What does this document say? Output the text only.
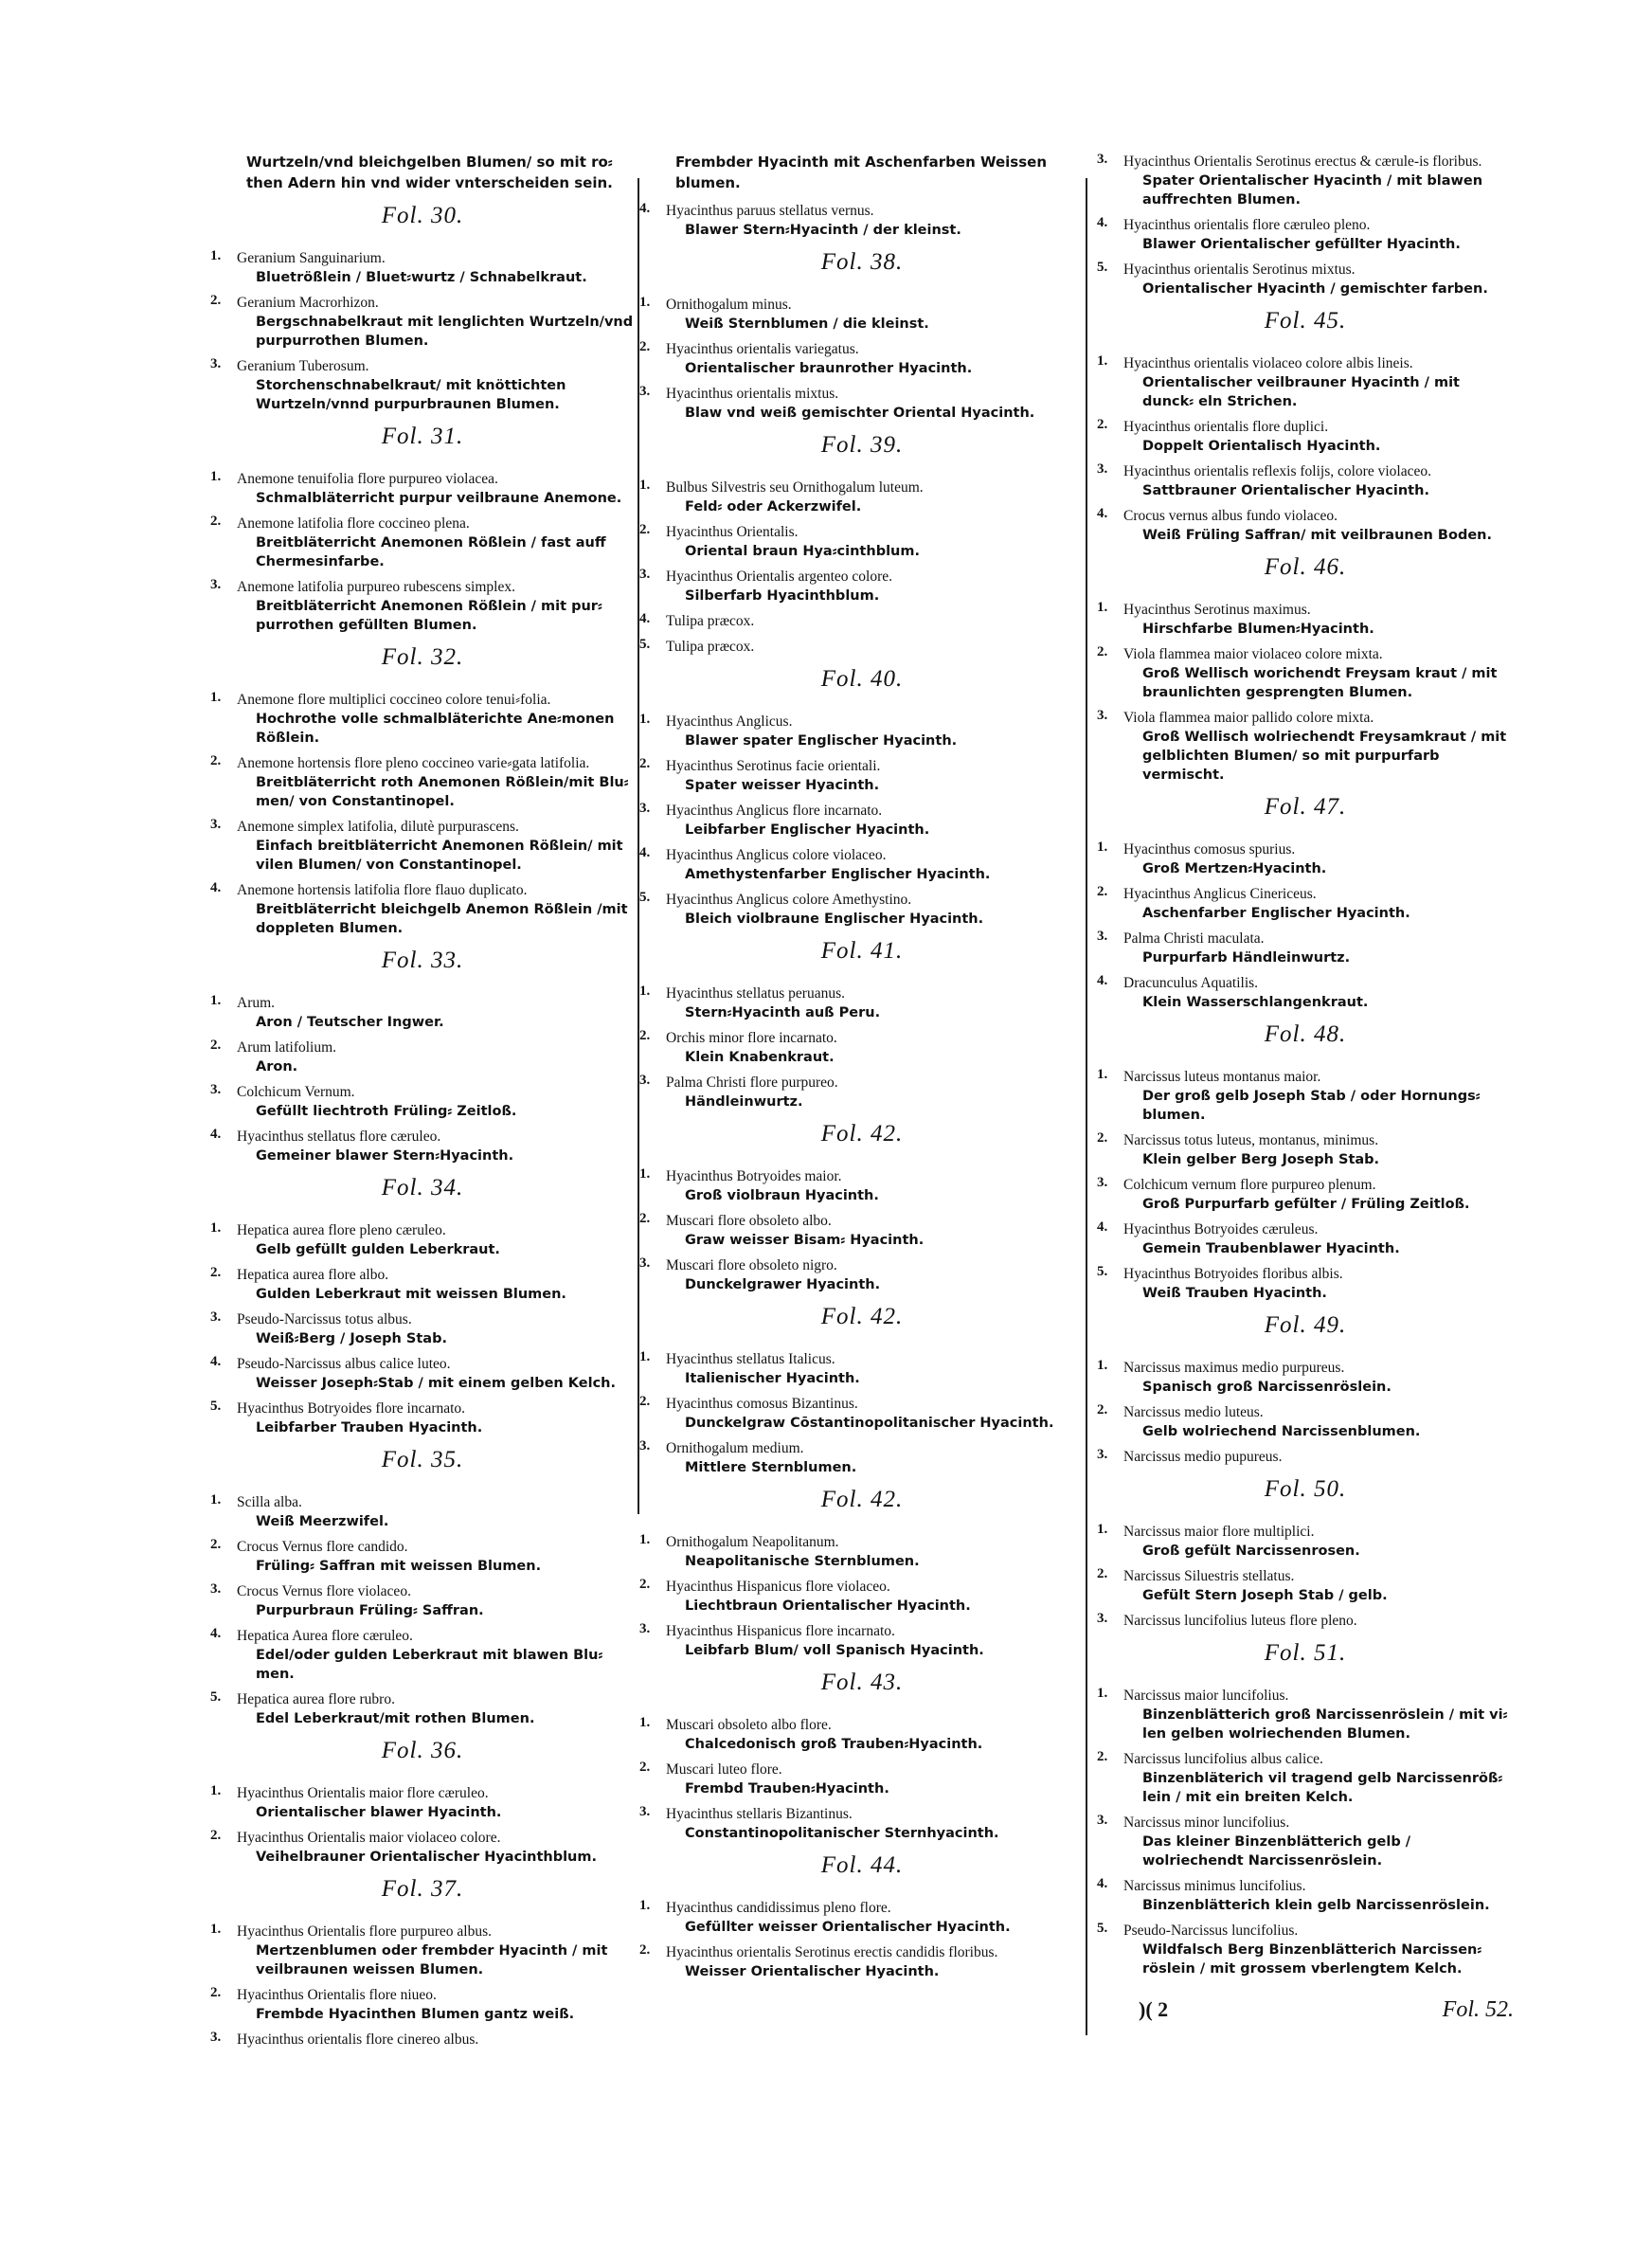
Wurtzeln/vnd bleichgelben Blumen/ so mit ro⸗then Adern hin vnd wider vnterscheiden sein.
Fol. 30.
1.	Geranium Sanguinarium.
Bluetrößlein / Bluet⸗wurtz / Schnabelkraut.
2.	Geranium Macrorhizon.
Bergschnabelkraut mit lenglichten Wurtzeln/vnd purpurrothen Blumen.
3.	Geranium Tuberosum.
Storchenschnabelkraut/ mit knöttichten Wurtzeln/vnnd purpurbraunen Blumen.
Fol. 31.
1.	Anemone tenuifolia flore purpureo violacea.
Schmalbläterricht purpur veilbraune Anemone.
2.	Anemone latifolia flore coccineo plena.
Breitbläterricht Anemonen Rößlein / fast auff Chermesinfarbe.
3.	Anemone latifolia purpureo rubescens simplex.
Breitbläterricht Anemonen Rößlein / mit pur⸗purrothen gefüllten Blumen.
Fol. 32.
1.	Anemone flore multiplici coccineo colore tenui⸗folia.
Hochrothe volle schmalbläterichte Ane⸗monen Rößlein.
2.	Anemone hortensis flore pleno coccineo varie⸗gata latifolia.
Breitbläterricht roth Anemonen Rößlein/mit Blu⸗men/ von Constantinopel.
3.	Anemone simplex latifolia, dilutè purpurascens.
Einfach breitbläterricht Anemonen Rößlein/ mit vilen Blumen/ von Constantinopel.
4.	Anemone hortensis latifolia flore flauo duplicato.
Breitbläterricht bleichgelb Anemon Rößlein /mit doppleten Blumen.
Fol. 33.
1.	Arum.
Aron / Teutscher Ingwer.
2.	Arum latifolium.
Aron.
3.	Colchicum Vernum.
Gefüllt liechtroth Früling⸗ Zeitloß.
4.	Hyacinthus stellatus flore cæruleo.
Gemeiner blawer Stern⸗Hyacinth.
Fol. 34.
1.	Hepatica aurea flore pleno cæruleo.
Gelb gefüllt gulden Leberkraut.
2.	Hepatica aurea flore albo.
Gulden Leberkraut mit weissen Blumen.
3.	Pseudo-Narcissus totus albus.
Weiß⸗Berg / Joseph Stab.
4.	Pseudo-Narcissus albus calice luteo.
Weisser Joseph⸗Stab / mit einem gelben Kelch.
5.	Hyacinthus Botryoides flore incarnato.
Leibfarber Trauben Hyacinth.
Fol. 35.
1.	Scilla alba.
Weiß Meerzwifel.
2.	Crocus Vernus flore candido.
Früling⸗ Saffran mit weissen Blumen.
3.	Crocus Vernus flore violaceo.
Purpurbraun Früling⸗ Saffran.
4.	Hepatica Aurea flore cæruleo.
Edel/oder gulden Leberkraut mit blawen Blu⸗men.
5.	Hepatica aurea flore rubro.
Edel Leberkraut/mit rothen Blumen.
Fol. 36.
1.	Hyacinthus Orientalis maior flore cæruleo.
Orientalischer blawer Hyacinth.
2.	Hyacinthus Orientalis maior violaceo colore.
Veihelbrauner Orientalischer Hyacinthblum.
Fol. 37.
1.	Hyacinthus Orientalis flore purpureo albus.
Mertzenblumen oder frembder Hyacinth / mit veilbraunen weissen Blumen.
2.	Hyacinthus Orientalis flore niueo.
Frembde Hyacinthen Blumen gantz weiß.
3.	Hyacinthus orientalis flore cinereo albus.
Frembder Hyacinth mit Aschenfarben Weissen blumen.
4.	Hyacinthus paruus stellatus vernus.
Blawer Stern⸗Hyacinth / der kleinst.
Fol. 38.
1.	Ornithogalum minus.
Weiß Sternblumen / die kleinst.
2.	Hyacinthus orientalis variegatus.
Orientalischer braunrother Hyacinth.
3.	Hyacinthus orientalis mixtus.
Blaw vnd weiß gemischter Oriental Hyacinth.
Fol. 39.
1.	Bulbus Silvestris seu Ornithogalum luteum.
Feld⸗ oder Ackerzwifel.
2.	Hyacinthus Orientalis.
Oriental braun Hya⸗cinthblum.
3.	Hyacinthus Orientalis argenteo colore.
Silberfarb Hyacinthblum.
4.	Tulipa præcox.
5.	Tulipa præcox.
Fol. 40.
1.	Hyacinthus Anglicus.
Blawer spater Englischer Hyacinth.
2.	Hyacinthus Serotinus facie orientali.
Spater weisser Hyacinth.
3.	Hyacinthus Anglicus flore incarnato.
Leibfarber Englischer Hyacinth.
4.	Hyacinthus Anglicus colore violaceo.
Amethystenfarber Englischer Hyacinth.
5.	Hyacinthus Anglicus colore Amethystino.
Bleich violbraune Englischer Hyacinth.
Fol. 41.
1.	Hyacinthus stellatus peruanus.
Stern⸗Hyacinth auß Peru.
2.	Orchis minor flore incarnato.
Klein Knabenkraut.
3.	Palma Christi flore purpureo.
Händleinwurtz.
Fol. 42.
1.	Hyacinthus Botryoides maior.
Groß violbraun Hyacinth.
2.	Muscari flore obsoleto albo.
Graw weisser Bisam⸗ Hyacinth.
3.	Muscari flore obsoleto nigro.
Dunckelgrawer Hyacinth.
Fol. 42.
1.	Hyacinthus stellatus Italicus.
Italienischer Hyacinth.
2.	Hyacinthus comosus Bizantinus.
Dunckelgraw Cōstantinopolitanischer Hyacinth.
3.	Ornithogalum medium.
Mittlere Sternblumen.
Fol. 42.
1.	Ornithogalum Neapolitanum.
Neapolitanische Sternblumen.
2.	Hyacinthus Hispanicus flore violaceo.
Liechtbraun Orientalischer Hyacinth.
3.	Hyacinthus Hispanicus flore incarnato.
Leibfarb Blum/ voll Spanisch Hyacinth.
Fol. 43.
1.	Muscari obsoleto albo flore.
Chalcedonisch groß Trauben⸗Hyacinth.
2.	Muscari luteo flore.
Frembd Trauben⸗Hyacinth.
3.	Hyacinthus stellaris Bizantinus.
Constantinopolitanischer Sternhyacinth.
Fol. 44.
1.	Hyacinthus candidissimus pleno flore.
Gefüllter weisser Orientalischer Hyacinth.
2.	Hyacinthus orientalis Serotinus erectis candidis floribus.
Weisser Orientalischer Hyacinth.
3.	Hyacinthus Orientalis Serotinus erectus & cærule-is floribus.
Spater Orientalischer Hyacinth / mit blawen auffrechten Blumen.
4.	Hyacinthus orientalis flore cæruleo pleno.
Blawer Orientalischer gefüllter Hyacinth.
5.	Hyacinthus orientalis Serotinus mixtus.
Orientalischer Hyacinth / gemischter farben.
Fol. 45.
1.	Hyacinthus orientalis violaceo colore albis lineis.
Orientalischer veilbrauner Hyacinth / mit dunck⸗ eln Strichen.
2.	Hyacinthus orientalis flore duplici.
Doppelt Orientalisch Hyacinth.
3.	Hyacinthus orientalis reflexis folijs, colore violaceo.
Sattbrauner Orientalischer Hyacinth.
4.	Crocus vernus albus fundo violaceo.
Weiß Früling Saffran/ mit veilbraunen Boden.
Fol. 46.
1.	Hyacinthus Serotinus maximus.
Hirschfarbe Blumen⸗Hyacinth.
2.	Viola flammea maior violaceo colore mixta.
Groß Wellisch worichendt Freysam kraut / mit braunlichten gesprengten Blumen.
3.	Viola flammea maior pallido colore mixta.
Groß Wellisch wolriechendt Freysamkraut / mit gelblichten Blumen/ so mit purpurfarb vermischt.
Fol. 47.
1.	Hyacinthus comosus spurius.
Groß Mertzen⸗Hyacinth.
2.	Hyacinthus Anglicus Cinericeus.
Aschenfarber Englischer Hyacinth.
3.	Palma Christi maculata.
Purpurfarb Händleinwurtz.
4.	Dracunculus Aquatilis.
Klein Wasserschlangenkraut.
Fol. 48.
1.	Narcissus luteus montanus maior.
Der groß gelb Joseph Stab / oder Hornungs⸗ blumen.
2.	Narcissus totus luteus, montanus, minimus.
Klein gelber Berg Joseph Stab.
3.	Colchicum vernum flore purpureo plenum.
Groß Purpurfarb gefülter / Früling Zeitloß.
4.	Hyacinthus Botryoides cæruleus.
Gemein Traubenblawer Hyacinth.
5.	Hyacinthus Botryoides floribus albis.
Weiß Trauben Hyacinth.
Fol. 49.
1.	Narcissus maximus medio purpureus.
Spanisch groß Narcissenröslein.
2.	Narcissus medio luteus.
Gelb wolriechend Narcissenblumen.
3.	Narcissus medio pupureus.
Fol. 50.
1.	Narcissus maior flore multiplici.
Groß gefült Narcissenrosen.
2.	Narcissus Siluestris stellatus.
Gefült Stern Joseph Stab / gelb.
3.	Narcissus luncifolius luteus flore pleno.
Fol. 51.
1.	Narcissus maior luncifolius.
Binzenblätterich groß Narcissenröslein / mit vi⸗len gelben wolriechenden Blumen.
2.	Narcissus luncifolius albus calice.
Binzenbläterich vil tragend gelb Narcissenröß⸗lein / mit ein breiten Kelch.
3.	Narcissus minor luncifolius.
Das kleiner Binzenblätterich gelb / wolriechendt Narcissenröslein.
4.	Narcissus minimus luncifolius.
Binzenblätterich klein gelb Narcissenröslein.
5.	Pseudo-Narcissus luncifolius.
Wildfalsch Berg Binzenblätterich Narcissen⸗ röslein / mit grossem vberlengtem Kelch.
)( 2	Fol. 52.
